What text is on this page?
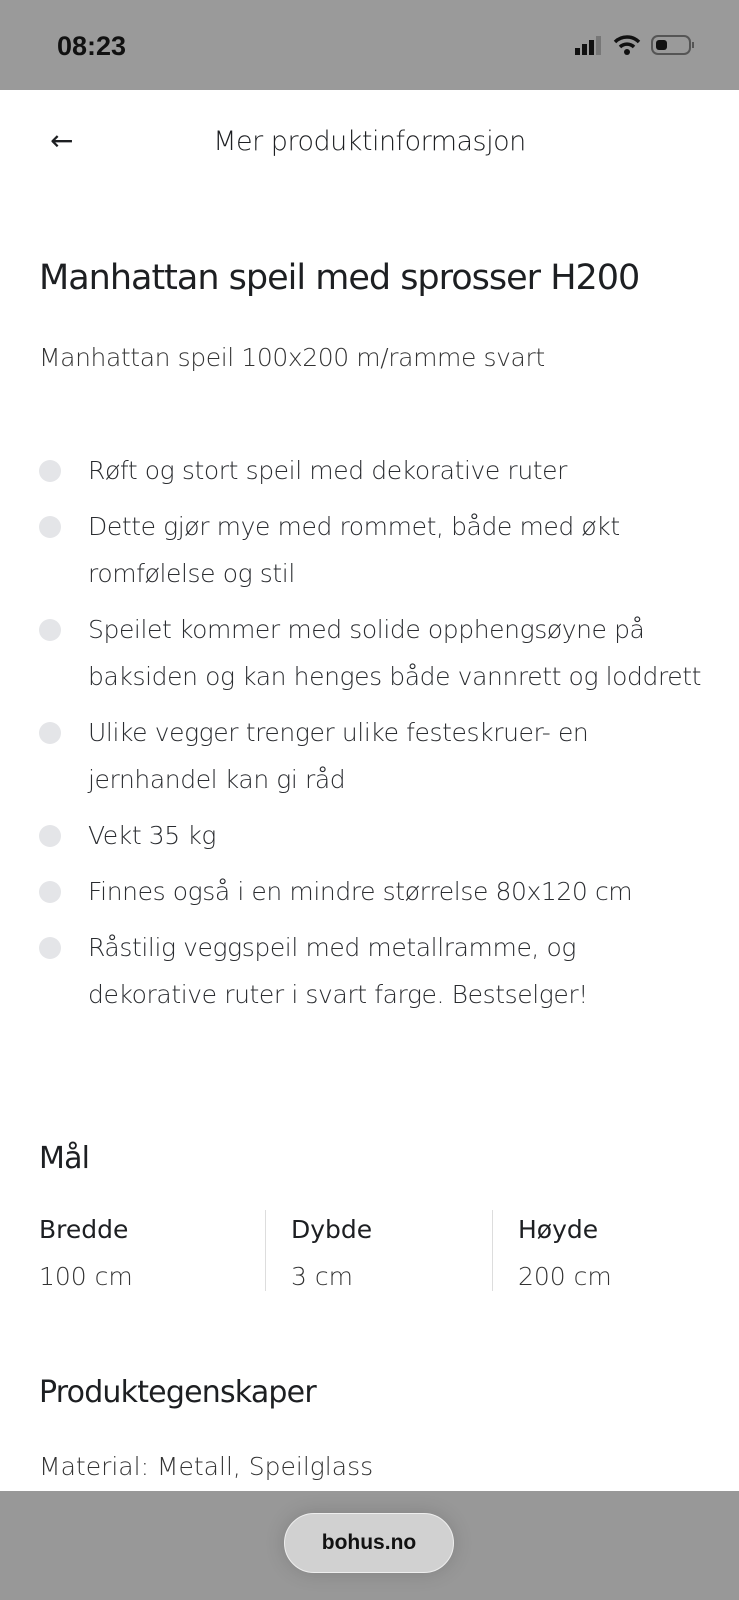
08:23
←	Mer produktinformasjon
Manhattan speil med sprosser H200
Manhattan speil 100x200 m/ramme svart
Røft og stort speil med dekorative ruter
Dette gjør mye med rommet, både med økt romfølelse og stil
Speilet kommer med solide opphengsøyne på baksiden og kan henges både vannrett og loddrett
Ulike vegger trenger ulike festeskruer- en jernhandel kan gi råd
Vekt 35 kg
Finnes også i en mindre størrelse 80x120 cm
Råstilig veggspeil med metallramme, og dekorative ruter i svart farge. Bestselger!
Mål
Bredde
100 cm
Dybde
3 cm
Høyde
200 cm
Produktegenskaper
Material: Metall, Speilglass
bohus.no
